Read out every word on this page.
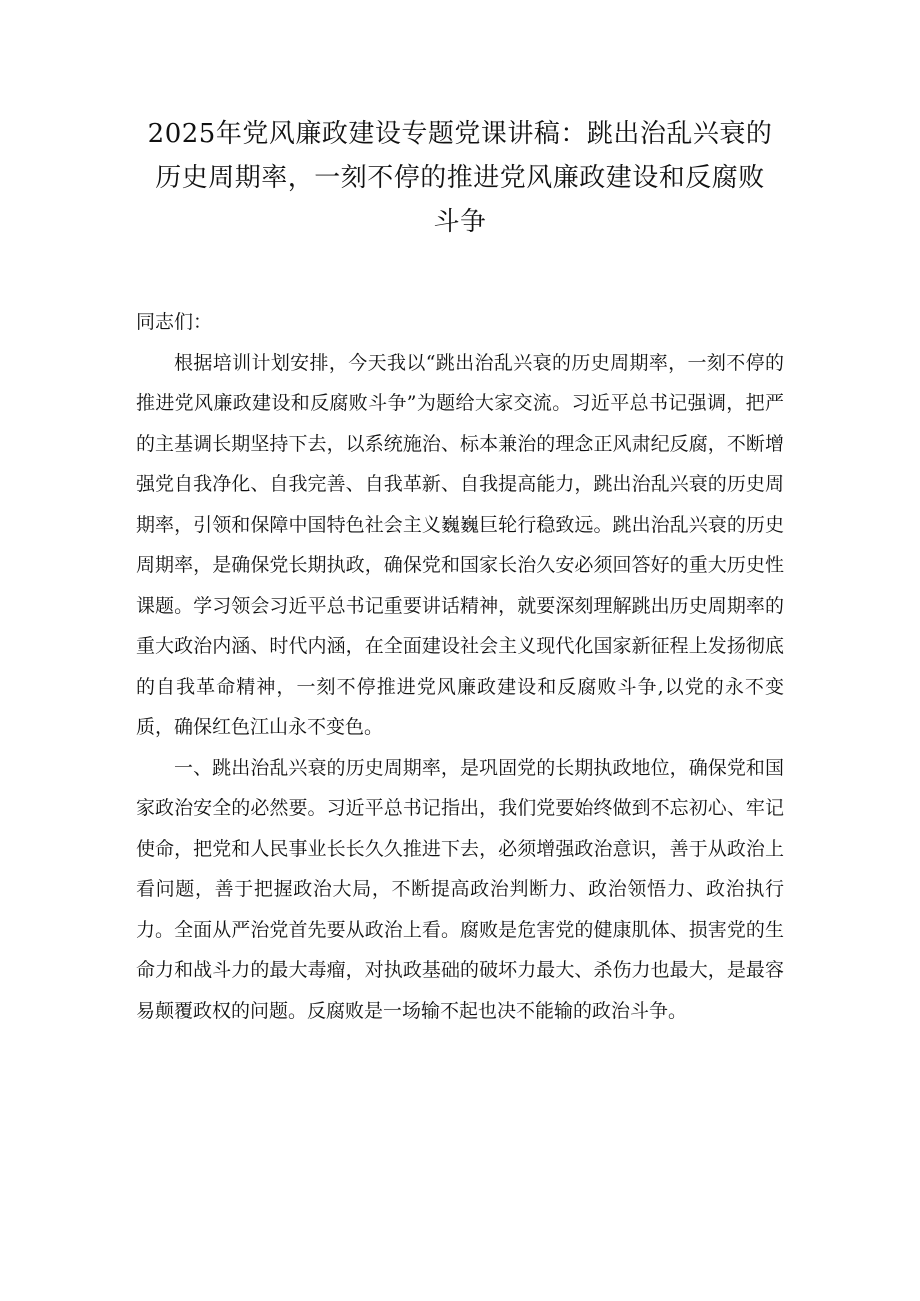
2025年党风廉政建设专题党课讲稿：跳出治乱兴衰的
历史周期率，一刻不停的推进党风廉政建设和反腐败
斗争

同志们：

根据培训计划安排，今天我以“跳出治乱兴衰的历史周期率，一刻不停的推进党风廉政建设和反腐败斗争”为题给大家交流。习近平总书记强调，把严的主基调长期坚持下去，以系统施治、标本兼治的理念正风肃纪反腐，不断增强党自我净化、自我完善、自我革新、自我提高能力，跳出治乱兴衰的历史周期率，引领和保障中国特色社会主义巍巍巨轮行稳致远。跳出治乱兴衰的历史周期率，是确保党长期执政，确保党和国家长治久安必须回答好的重大历史性课题。学习领会习近平总书记重要讲话精神，就要深刻理解跳出历史周期率的重大政治内涵、时代内涵，在全面建设社会主义现代化国家新征程上发扬彻底的自我革命精神，一刻不停推进党风廉政建设和反腐败斗争,以党的永不变质，确保红色江山永不变色。

一、跳出治乱兴衰的历史周期率，是巩固党的长期执政地位，确保党和国家政治安全的必然要。习近平总书记指出，我们党要始终做到不忘初心、牢记使命，把党和人民事业长长久久推进下去，必须增强政治意识，善于从政治上看问题，善于把握政治大局，不断提高政治判断力、政治领悟力、政治执行力。全面从严治党首先要从政治上看。腐败是危害党的健康肌体、损害党的生命力和战斗力的最大毒瘤，对执政基础的破坏力最大、杀伤力也最大，是最容易颠覆政权的问题。反腐败是一场输不起也决不能输的政治斗争。
